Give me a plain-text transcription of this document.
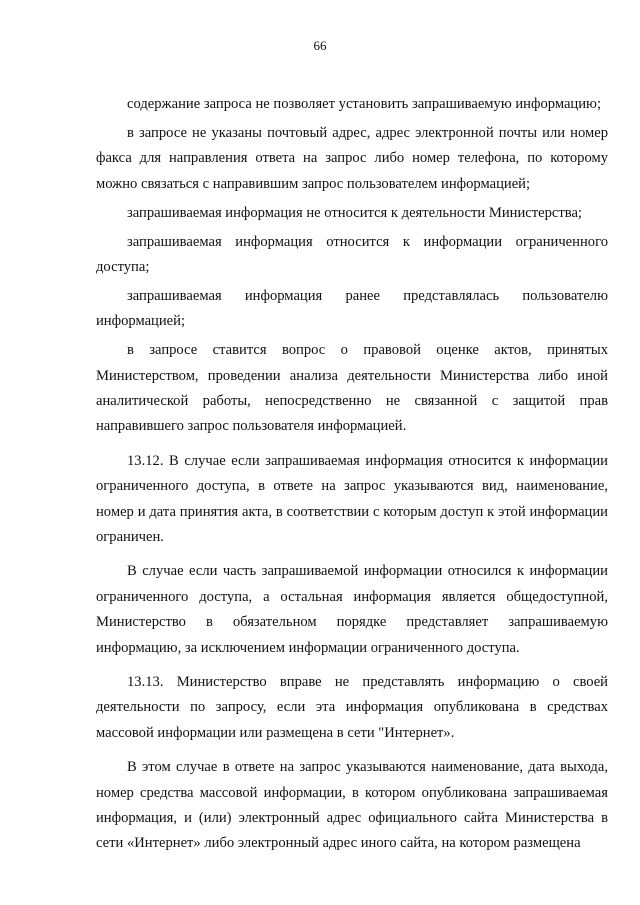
66

содержание запроса не позволяет установить запрашиваемую информацию;

в запросе не указаны почтовый адрес, адрес электронной почты или номер факса для направления ответа на запрос либо номер телефона, по которому можно связаться с направившим запрос пользователем информацией;

запрашиваемая информация не относится к деятельности Министерства;

запрашиваемая информация относится к информации ограниченного доступа;

запрашиваемая информация ранее представлялась пользователю информацией;

в запросе ставится вопрос о правовой оценке актов, принятых Министерством, проведении анализа деятельности Министерства либо иной аналитической работы, непосредственно не связанной с защитой прав направившего запрос пользователя информацией.

13.12. В случае если запрашиваемая информация относится к информации ограниченного доступа, в ответе на запрос указываются вид, наименование, номер и дата принятия акта, в соответствии с которым доступ к этой информации ограничен.

В случае если часть запрашиваемой информации относился к информации ограниченного доступа, а остальная информация является общедоступной, Министерство в обязательном порядке представляет запрашиваемую информацию, за исключением информации ограниченного доступа.

13.13. Министерство вправе не представлять информацию о своей деятельности по запросу, если эта информация опубликована в средствах массовой информации или размещена в сети "Интернет».

В этом случае в ответе на запрос указываются наименование, дата выхода, номер средства массовой информации, в котором опубликована запрашиваемая информация, и (или) электронный адрес официального сайта Министерства в сети «Интернет» либо электронный адрес иного сайта, на котором размещена
